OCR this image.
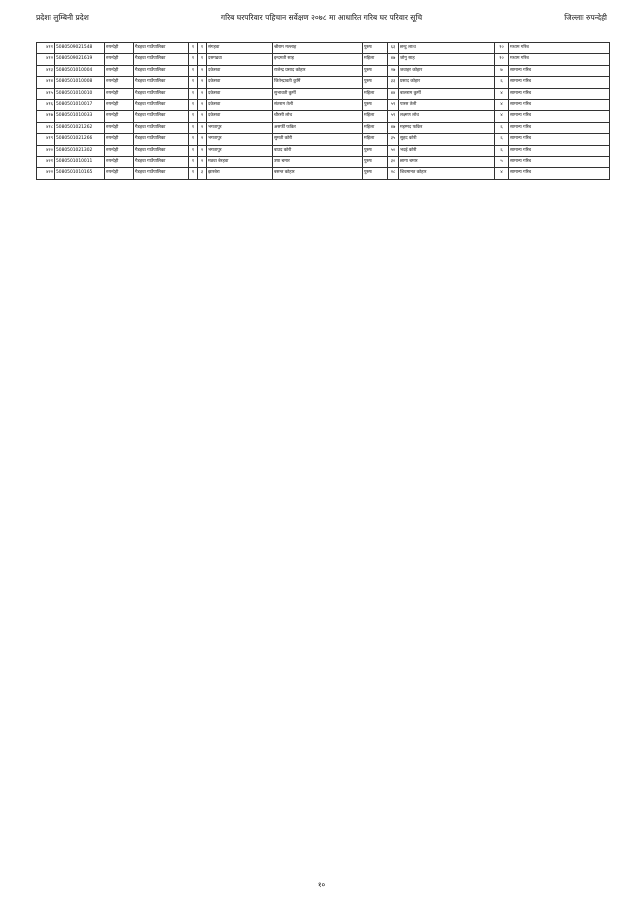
प्रदेशः लुम्बिनी प्रदेश	गरिब घरपरिवार पहिचान सर्वेक्षण २०७८ मा आधारित गरिब घर परिवार सूचि	जिल्लाः रुपन्देही
४११	5080509021548	रुपन्देही	गैडहवा गाउँपालिका	१	१	संगहवा	श्रीराम मल्लाह	पुरुष	६३	छन्टु लाःध	१०	मध्यम गरिब
४१२	5080509021619	रुपन्देही	गैडहवा गाउँपालिका	१	१	दसगढवा	इन्दमती साह	महिला	४७	जोगु साह	१०	मध्यम गरिब
४१३	5080501010004	रुपन्देही	गैडहवा गाउँपालिका	१	२	दकेसवा	राजेन्द्र प्रसाद कोहार	पुरुष	२७	जवाहर कोहार	७	सामान्य गरिब
४१४	5080501010008	रुपन्देही	गैडहवा गाउँपालिका	१	२	दकेसवा	जितेन्द्रावती कुर्मि	पुरुष	३३	प्रसाद कोहार	६	सामान्य गरिब
४१५	5080501010010	रुपन्देही	गैडहवा गाउँपालिका	१	२	दकेसवा	सुभावती कुर्मी	महिला	४४	बालराम कुर्मी	४	सामान्य गरिब
४१६	5080501010017	रुपन्देही	गैडहवा गाउँपालिका	१	२	दकेसवा	संतराम तेली	पुरुष	५९	पारस तेली	४	सामान्य गरिब
४१७	5080501010033	रुपन्देही	गैडहवा गाउँपालिका	१	२	दकेसवा	चौरसी लोध	महिला	५९	लक्ष्मण लोध	४	सामान्य गरिब
४१८	5080501021262	रुपन्देही	गैडहवा गाउँपालिका	१	२	भगतापुर	असर्फी फकिर	महिला	४७	महम्मद फकिर	६	सामान्य गरिब
४१९	5080501021266	रुपन्देही	गैडहवा गाउँपालिका	१	२	भगतापुर	सुमती कोरी	महिला	३५	सुहद कोरी	६	सामान्य गरिब
४२०	5080501021302	रुपन्देही	गैडहवा गाउँपालिका	१	२	भगतापुर	बाउद कोरी	पुरुष	५०	भदई कोरी	६	सामान्य गरिब
४२१	5080501010011	रुपन्देही	गैडहवा गाउँपालिका	१	२	मठवा बेरहवा	उषा चमार	पुरुष	३०	छागा चमार	५	सामान्य गरिब
४२२	5080501010165	रुपन्देही	गैडहवा गाउँपालिका	१	३	झारबेरा	बसन्त कोहार	पुरुष	२८	शिवमानत कोहार	४	सामान्य गरिब
१०
